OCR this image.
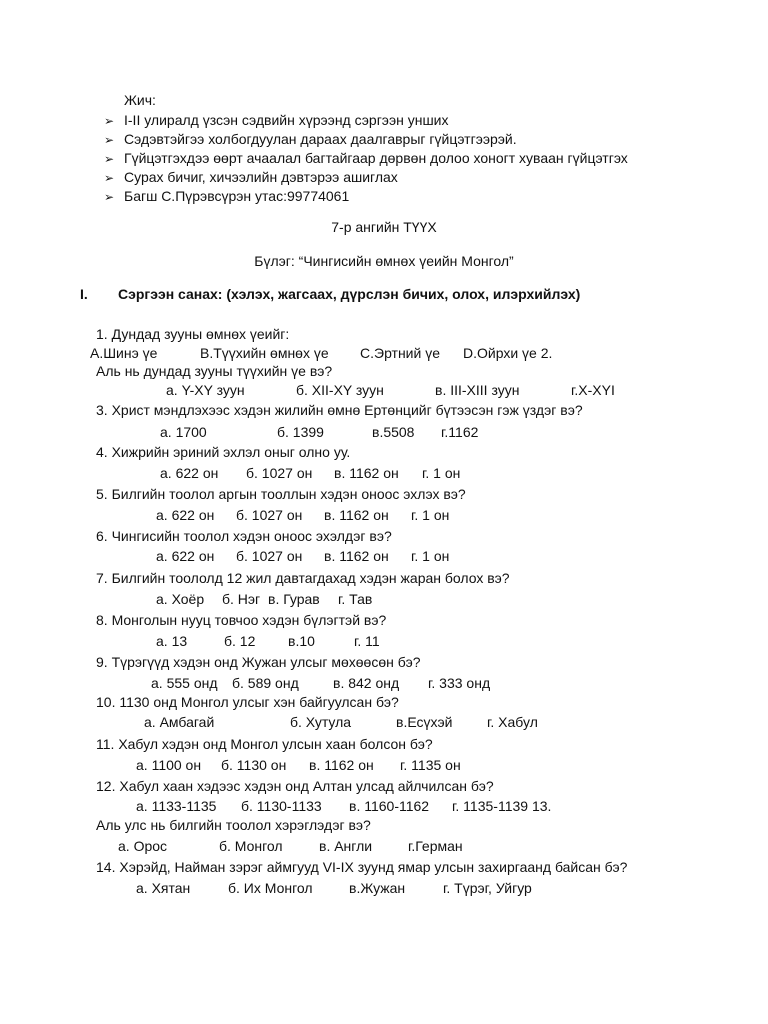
Жич:
➢ I-II улиралд үзсэн сэдвийн хүрээнд сэргээн унших
➢ Сэдэвтэйгээ холбогдуулан дараах даалгаврыг гүйцэтгээрэй.
➢ Гүйцэтгэхдээ өөрт ачаалал багтайгаар дөрвөн долоо хоногт хуваан гүйцэтгэх
➢ Сурах бичиг, хичээлийн дэвтэрээ ашиглах
➢ Багш С.Пүрэвсүрэн утас:99774061
7-р ангийн ТҮҮХ
Бүлэг: “Чингисийн өмнөх үеийн Монгол”
I. Сэргээн санах: (хэлэх, жагсаах, дүрслэн бичих, олох, илэрхийлэх)
1. Дундад зууны өмнөх үеийг:
А.Шинэ үе	В.Түүхийн өмнөх үе С.Эртний үе D.Ойрхи үе 2.
Аль нь дундад зууны түүхийн үе вэ?
а. Y-XY зуун	б. XII-XY зуун	в. III-XIII зуун	г.X-XYI
3. Христ мэндлэхээс хэдэн жилийн өмнө Ертөнцийг бүтээсэн гэж үздэг вэ?
а. 1700	б. 1399	в.5508 г.1162
4. Хижрийн эриний эхлэл оныг олно уу.
а. 622 он б. 1027 он в. 1162 он г. 1 он
5. Билгийн тоолол аргын тооллын хэдэн оноос эхлэх вэ?
а. 622 он б. 1027 он в. 1162 он г. 1 он
6. Чингисийн тоолол хэдэн оноос эхэлдэг вэ?
а. 622 он б. 1027 он в. 1162 он г. 1 он
7. Билгийн тоололд 12 жил давтагдахад хэдэн жаран болох вэ?
а. Хоёр б. Нэг в. Гурав г. Тав
8. Монголын нууц товчоо хэдэн бүлэгтэй вэ?
а. 13	б. 12 в.10	г. 11
9. Түрэгүүд хэдэн онд Жужан улсыг мөхөөсөн бэ?
а. 555 онд б. 589 онд в. 842 онд г. 333 онд
10. 1130 онд Монгол улсыг хэн байгуулсан бэ?
а. Амбагай	б. Хутула	в.Есүхэй г. Хабул
11. Хабул хэдэн онд Монгол улсын хаан болсон бэ?
а. 1100 он б. 1130 он в. 1162 он г. 1135 он
12. Хабул хаан хэдээс хэдэн онд Алтан улсад айлчилсан бэ?
а. 1133-1135 б. 1130-1133 в. 1160-1162 г. 1135-1139 13.
Аль улс нь билгийн тоолол хэрэглэдэг вэ?
а. Орос	б. Монгол	в. Англи	г.Герман
14. Хэрэйд, Найман зэрэг аймгууд VI-IX зуунд ямар улсын захиргаанд байсан бэ?
а. Хятан	б. Их Монгол	в.Жужан	г. Түрэг, Уйгур
